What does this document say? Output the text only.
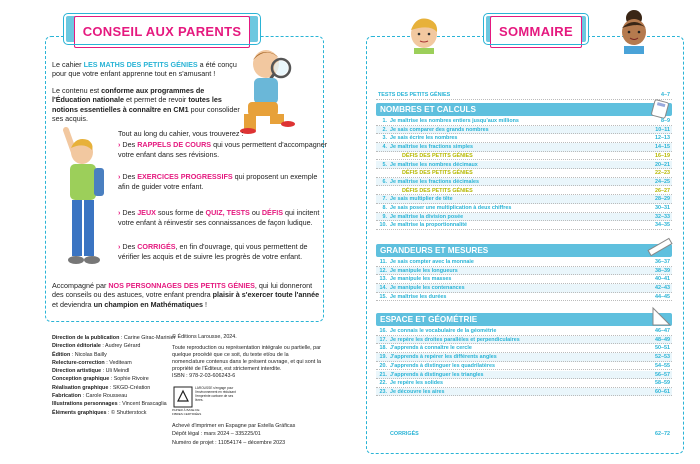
CONSEIL AUX PARENTS
Le cahier LES MATHS DES PETITS GÉNIES a été conçu pour que votre enfant apprenne tout en s'amusant !
Le contenu est conforme aux programmes de l'Éducation nationale et permet de revoir toutes les notions essentielles à connaître en CM1 pour consolider ses acquis.
Tout au long du cahier, vous trouverez :
› Des RAPPELS DE COURS qui vous permettent d'accompagner votre enfant dans ses révisions.
› Des EXERCICES PROGRESSIFS qui proposent un exemple afin de guider votre enfant.
› Des JEUX sous forme de QUIZ, TESTS ou DÉFIS qui incitent votre enfant à réinvestir ses connaissances de façon ludique.
› Des CORRIGÉS, en fin d'ouvrage, qui vous permettent de vérifier les acquis et de suivre les progrès de votre enfant.
Accompagné par NOS PERSONNAGES DES PETITS GÉNIES, qui lui donneront des conseils ou des astuces, votre enfant prendra plaisir à s'exercer toute l'année et deviendra un champion en Mathématiques !
Direction de la publication : Carine Girac-Marinier
Direction éditoriale : Audrey Gérard
Édition : Nicolas Bailly
Relecture-correction : Vediteam
Direction artistique : Uli Meindl
Conception graphique : Sophie Rivoire
Réalisation graphique : SKGD-Création
Fabrication : Carole Rousseau
Illustrations personnages : Vincent Brascaglia
Éléments graphiques : © Shutterstock
© Éditions Larousse, 2024.
Toute reproduction ou représentation intégrale ou partielle, par quelque procédé que ce soit, du texte et/ou de la nomenclature contenus dans le présent ouvrage, et qui sont la propriété de l'Éditeur, est strictement interdite.
ISBN : 978-2-03-606243-6
LAROUSSE s'engage pour l'environnement en réduisant l'empreinte carbone de ses livres.
PAPIER À BASE DE FIBRES CERTIFIÉES
Achevé d'imprimer en Espagne par Estella Gráficas
Dépôt légal : mars 2024 – 335225/01
Numéro de projet : 11054174 – décembre 2023
SOMMAIRE
TESTS DES PETITS GÉNIES	4–7
NOMBRES ET CALCULS
GRANDEURS ET MESURES
ESPACE ET GÉOMÉTRIE
CORRIGÉS	62–72
1. Je maîtrise les nombres entiers jusqu'aux millions	8–9
2. Je sais comparer des grands nombres	10–11
3. Je sais écrire les nombres	12–13
4. Je maîtrise les fractions simples	14–15
DÉFIS DES PETITS GÉNIES	16–19
5. Je maîtrise les nombres décimaux	20–21
DÉFIS DES PETITS GÉNIES	22–23
6. Je maîtrise les fractions décimales	24–25
DÉFIS DES PETITS GÉNIES	26–27
7. Je sais multiplier de tête	28–29
8. Je sais poser une multiplication à deux chiffres	30–31
9. Je maîtrise la division posée	32–33
10. Je maîtrise la proportionnalité	34–35
11. Je sais compter avec la monnaie	36–37
12. Je manipule les longueurs	38–39
13. Je manipule les masses	40–41
14. Je manipule les contenances	42–43
15. Je maîtrise les durées	44–45
16. Je connais le vocabulaire de la géométrie	46–47
17. Je repère les droites parallèles et perpendiculaires	48–49
18. J'apprends à connaître le cercle	50–51
19. J'apprends à repérer les différents angles	52–53
20. J'apprends à distinguer les quadrilatères	54–55
21. J'apprends à distinguer les triangles	56–57
22. Je repère les solides	58–59
23. Je découvre les aires	60–61
